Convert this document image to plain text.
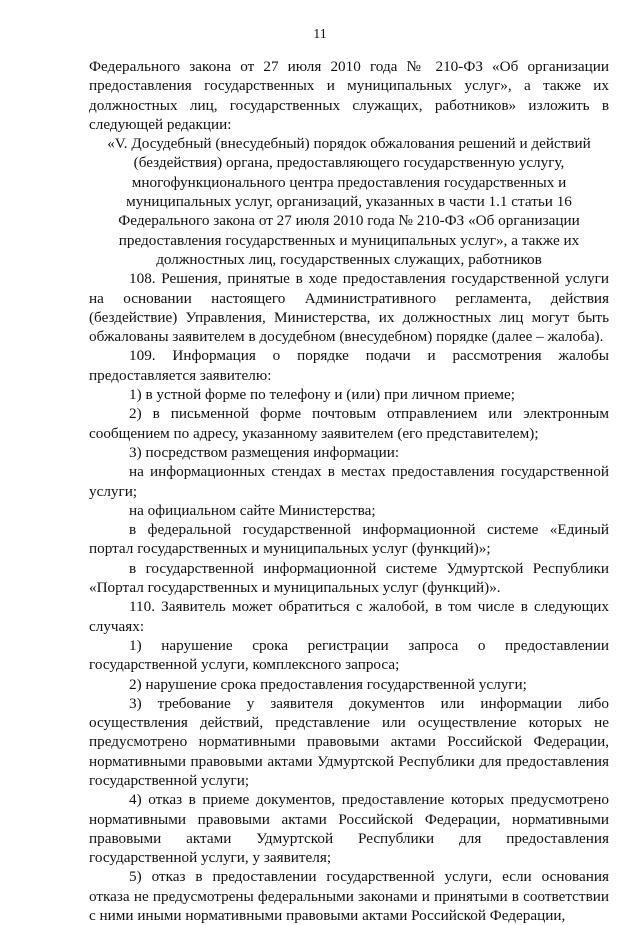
11

Федерального закона от 27 июля 2010 года № 210-ФЗ «Об организации предоставления государственных и муниципальных услуг», а также их должностных лиц, государственных служащих, работников» изложить в следующей редакции:

«V. Досудебный (внесудебный) порядок обжалования решений и действий (бездействия) органа, предоставляющего государственную услугу, многофункционального центра предоставления государственных и муниципальных услуг, организаций, указанных в части 1.1 статьи 16 Федерального закона от 27 июля 2010 года № 210-ФЗ «Об организации предоставления государственных и муниципальных услуг», а также их должностных лиц, государственных служащих, работников

108. Решения, принятые в ходе предоставления государственной услуги на основании настоящего Административного регламента, действия (бездействие) Управления, Министерства, их должностных лиц могут быть обжалованы заявителем в досудебном (внесудебном) порядке (далее – жалоба).

109. Информация о порядке подачи и рассмотрения жалобы предоставляется заявителю:

1) в устной форме по телефону и (или) при личном приеме;

2) в письменной форме почтовым отправлением или электронным сообщением по адресу, указанному заявителем (его представителем);

3) посредством размещения информации:

на информационных стендах в местах предоставления государственной услуги;

на официальном сайте Министерства;

в федеральной государственной информационной системе «Единый портал государственных и муниципальных услуг (функций)»;

в государственной информационной системе Удмуртской Республики «Портал государственных и муниципальных услуг (функций)».

110. Заявитель может обратиться с жалобой, в том числе в следующих случаях:

1) нарушение срока регистрации запроса о предоставлении государственной услуги, комплексного запроса;

2) нарушение срока предоставления государственной услуги;

3) требование у заявителя документов или информации либо осуществления действий, представление или осуществление которых не предусмотрено нормативными правовыми актами Российской Федерации, нормативными правовыми актами Удмуртской Республики для предоставления государственной услуги;

4) отказ в приеме документов, предоставление которых предусмотрено нормативными правовыми актами Российской Федерации, нормативными правовыми актами Удмуртской Республики для предоставления государственной услуги, у заявителя;

5) отказ в предоставлении государственной услуги, если основания отказа не предусмотрены федеральными законами и принятыми в соответствии с ними иными нормативными правовыми актами Российской Федерации,
